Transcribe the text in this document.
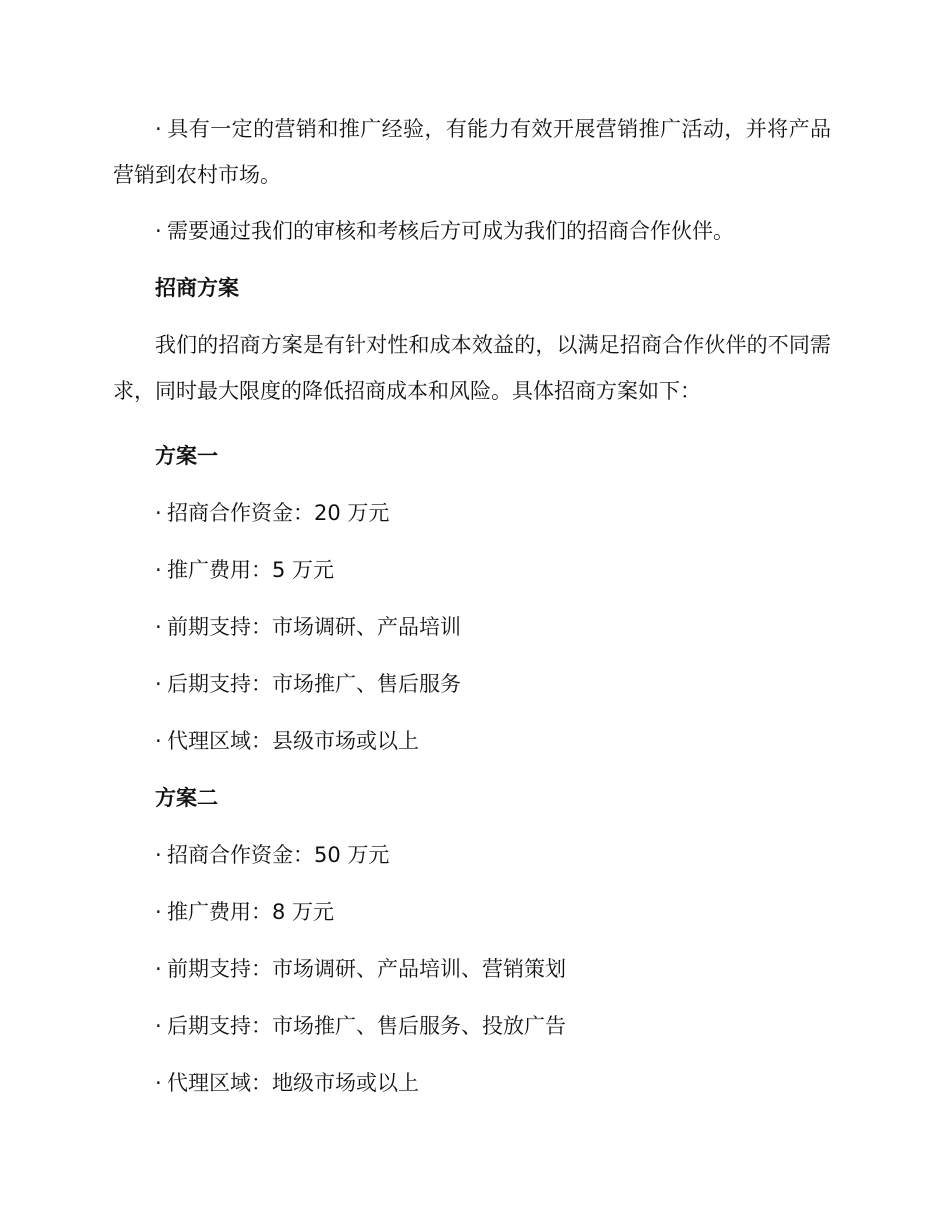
· 具有一定的营销和推广经验，有能力有效开展营销推广活动，并将产品营销到农村市场。

· 需要通过我们的审核和考核后方可成为我们的招商合作伙伴。

招商方案

我们的招商方案是有针对性和成本效益的，以满足招商合作伙伴的不同需求，同时最大限度的降低招商成本和风险。具体招商方案如下：

方案一

· 招商合作资金：20 万元

· 推广费用：5 万元

· 前期支持：市场调研、产品培训

· 后期支持：市场推广、售后服务

· 代理区域：县级市场或以上

方案二

· 招商合作资金：50 万元

· 推广费用：8 万元

· 前期支持：市场调研、产品培训、营销策划

· 后期支持：市场推广、售后服务、投放广告

· 代理区域：地级市场或以上
